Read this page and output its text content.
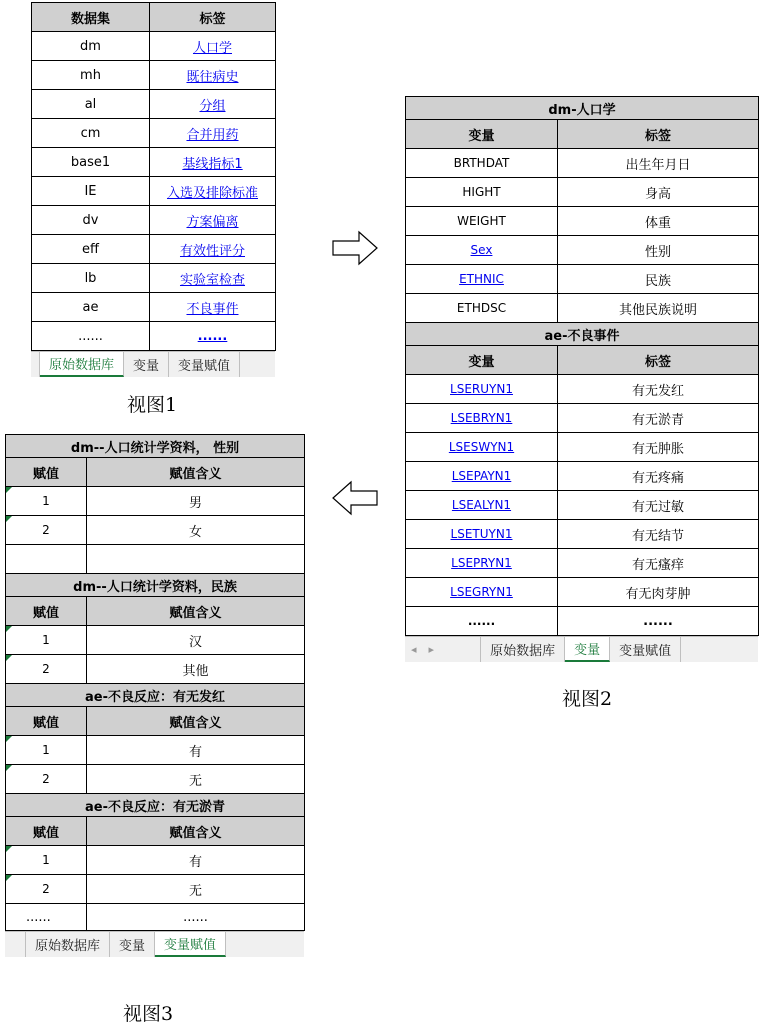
数据集	标签
dm	人口学
mh	既往病史
al	分组
cm	合并用药
base1	基线指标1
IE	入选及排除标准
dv	方案偏离
eff	有效性评分
lb	实验室检查
ae	不良事件
......	......
原始数据库	变量	变量赋值
视图1
dm-人口学	
变量	标签
BRTHDAT	出生年月日
HIGHT	身高
WEIGHT	体重
Sex	性别
ETHNIC	民族
ETHDSC	其他民族说明
ae-不良事件	
变量	标签
LSERUYN1	有无发红
LSEBRYN1	有无淤青
LSESWYN1	有无肿胀
LSEPAYN1	有无疼痛
LSEALYN1	有无过敏
LSETUYN1	有无结节
LSEPRYN1	有无瘙痒
LSEGRYN1	有无肉芽肿
......	......
◂	▸	原始数据库	变量	变量赋值
视图2
dm--人口统计学资料， 性别	
赋值	赋值含义
1	男
2	女

dm--人口统计学资料，民族	
赋值	赋值含义
1	汉
2	其他
ae-不良反应：有无发红	
赋值	赋值含义
1	有
2	无
ae-不良反应：有无淤青	
赋值	赋值含义
1	有
2	无
......	......
原始数据库	变量	变量赋值
视图3
